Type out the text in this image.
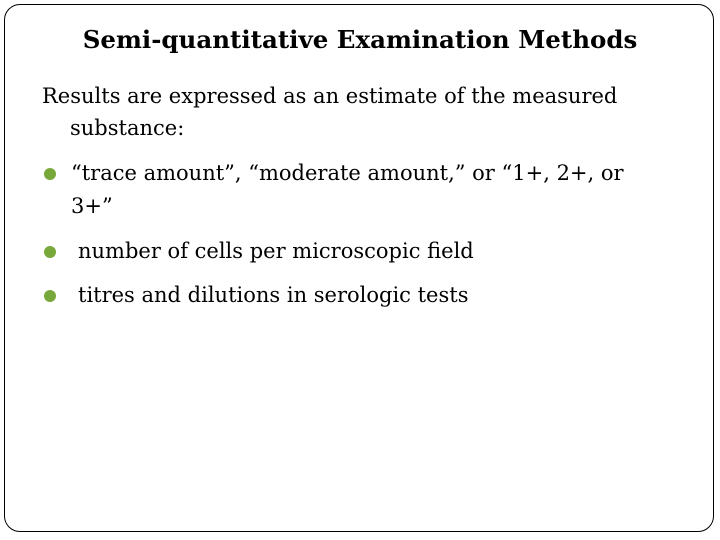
Semi-quantitative Examination Methods
Results are expressed as an estimate of the measured
substance:
“trace amount”, “moderate amount,” or “1+, 2+, or
3+”
number of cells per microscopic field
titres and dilutions in serologic tests
